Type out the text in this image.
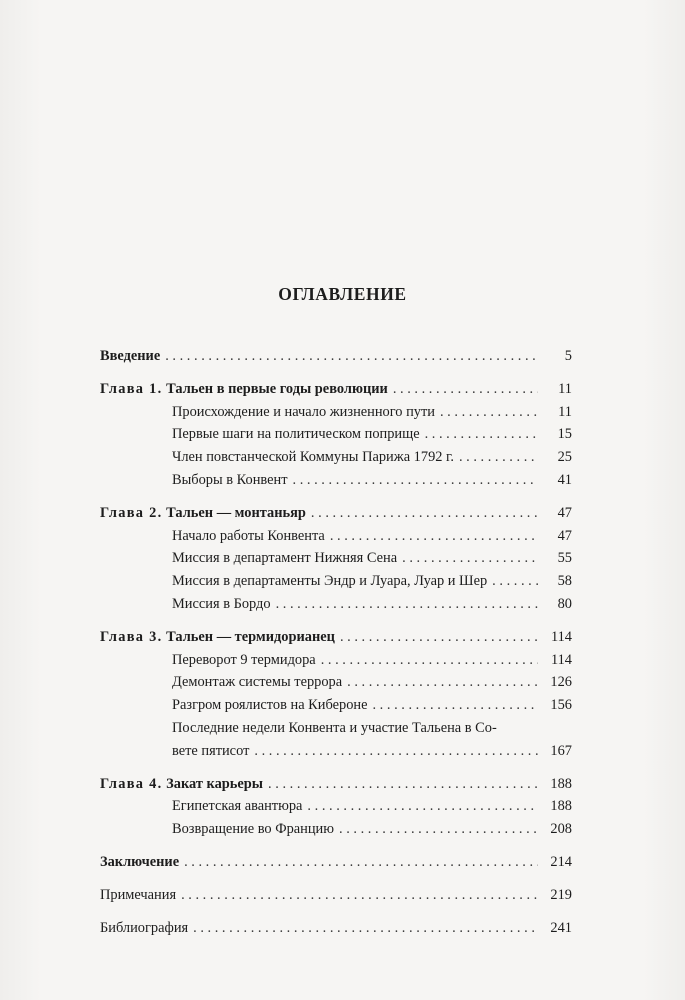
ОГЛАВЛЕНИЕ
Введение . . .	5
Глава 1. Тальен в первые годы революции . . .	11
Происхождение и начало жизненного пути . . .	11
Первые шаги на политическом поприще . . .	15
Член повстанческой Коммуны Парижа 1792 г. . . .	25
Выборы в Конвент . . .	41
Глава 2. Тальен — монтаньяр . . .	47
Начало работы Конвента . . .	47
Миссия в департамент Нижняя Сена . . .	55
Миссия в департаменты Эндр и Луара, Луар и Шер . . .	58
Миссия в Бордо . . .	80
Глава 3. Тальен — термидорианец . . .	114
Переворот 9 термидора . . .	114
Демонтаж системы террора . . .	126
Разгром роялистов на Кибероне . . .	156
Последние недели Конвента и участие Тальена в Со-
вете пятисот . . .	167
Глава 4. Закат карьеры . . .	188
Египетская авантюра . . .	188
Возвращение во Францию . . .	208
Заключение . . .	214
Примечания . . .	219
Библиография . . .	241
